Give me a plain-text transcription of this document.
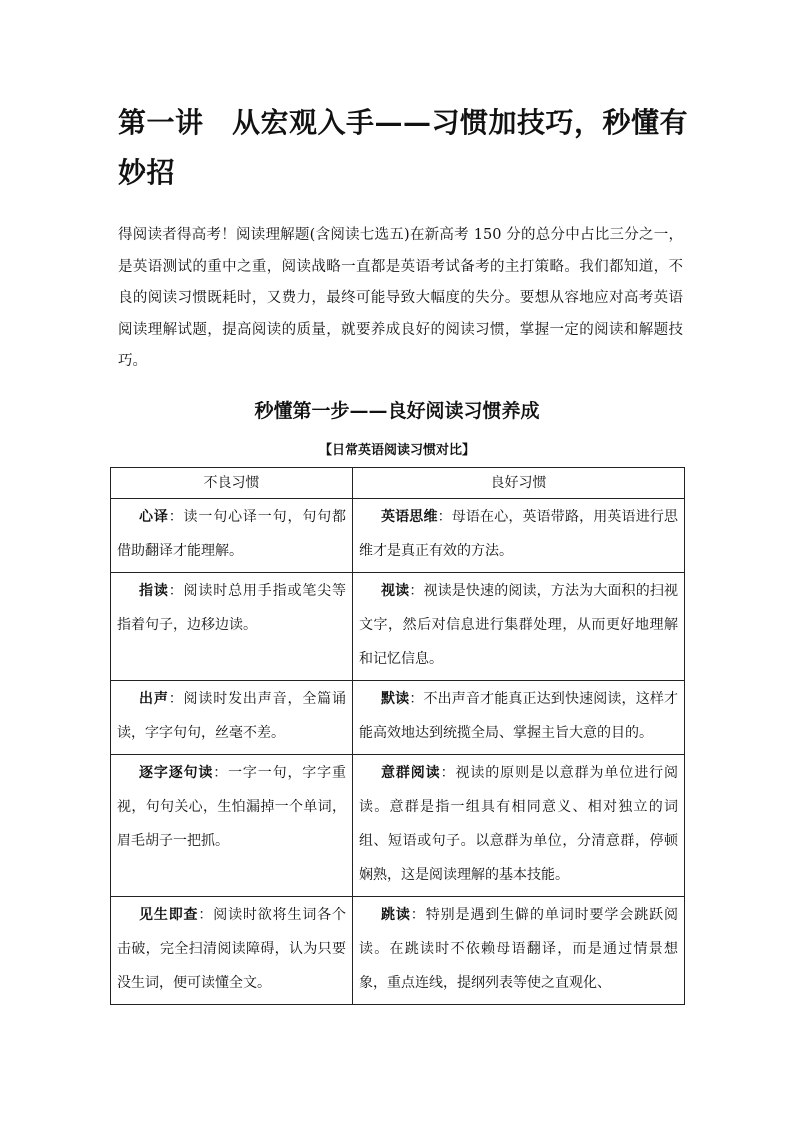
第一讲　从宏观入手——习惯加技巧，秒懂有妙招
得阅读者得高考！阅读理解题(含阅读七选五)在新高考 150 分的总分中占比三分之一，是英语测试的重中之重，阅读战略一直都是英语考试备考的主打策略。我们都知道，不良的阅读习惯既耗时，又费力，最终可能导致大幅度的失分。要想从容地应对高考英语阅读理解试题，提高阅读的质量，就要养成良好的阅读习惯，掌握一定的阅读和解题技巧。
秒懂第一步——良好阅读习惯养成
【日常英语阅读习惯对比】
不良习惯	良好习惯

心译：读一句心译一句，句句都借助翻译才能理解。	英语思维：母语在心，英语带路，用英语进行思维才是真正有效的方法。

指读：阅读时总用手指或笔尖等指着句子，边移边读。	视读：视读是快速的阅读，方法为大面积的扫视文字，然后对信息进行集群处理，从而更好地理解和记忆信息。

出声：阅读时发出声音，全篇诵读，字字句句，丝毫不差。	默读：不出声音才能真正达到快速阅读，这样才能高效地达到统揽全局、掌握主旨大意的目的。

逐字逐句读：一字一句，字字重视，句句关心，生怕漏掉一个单词，眉毛胡子一把抓。	意群阅读：视读的原则是以意群为单位进行阅读。意群是指一组具有相同意义、相对独立的词组、短语或句子。以意群为单位，分清意群，停顿娴熟，这是阅读理解的基本技能。

见生即查：阅读时欲将生词各个击破，完全扫清阅读障碍，认为只要没生词，便可读懂全文。	跳读：特别是遇到生僻的单词时要学会跳跃阅读。在跳读时不依赖母语翻译，而是通过情景想象，重点连线，提纲列表等使之直观化、
